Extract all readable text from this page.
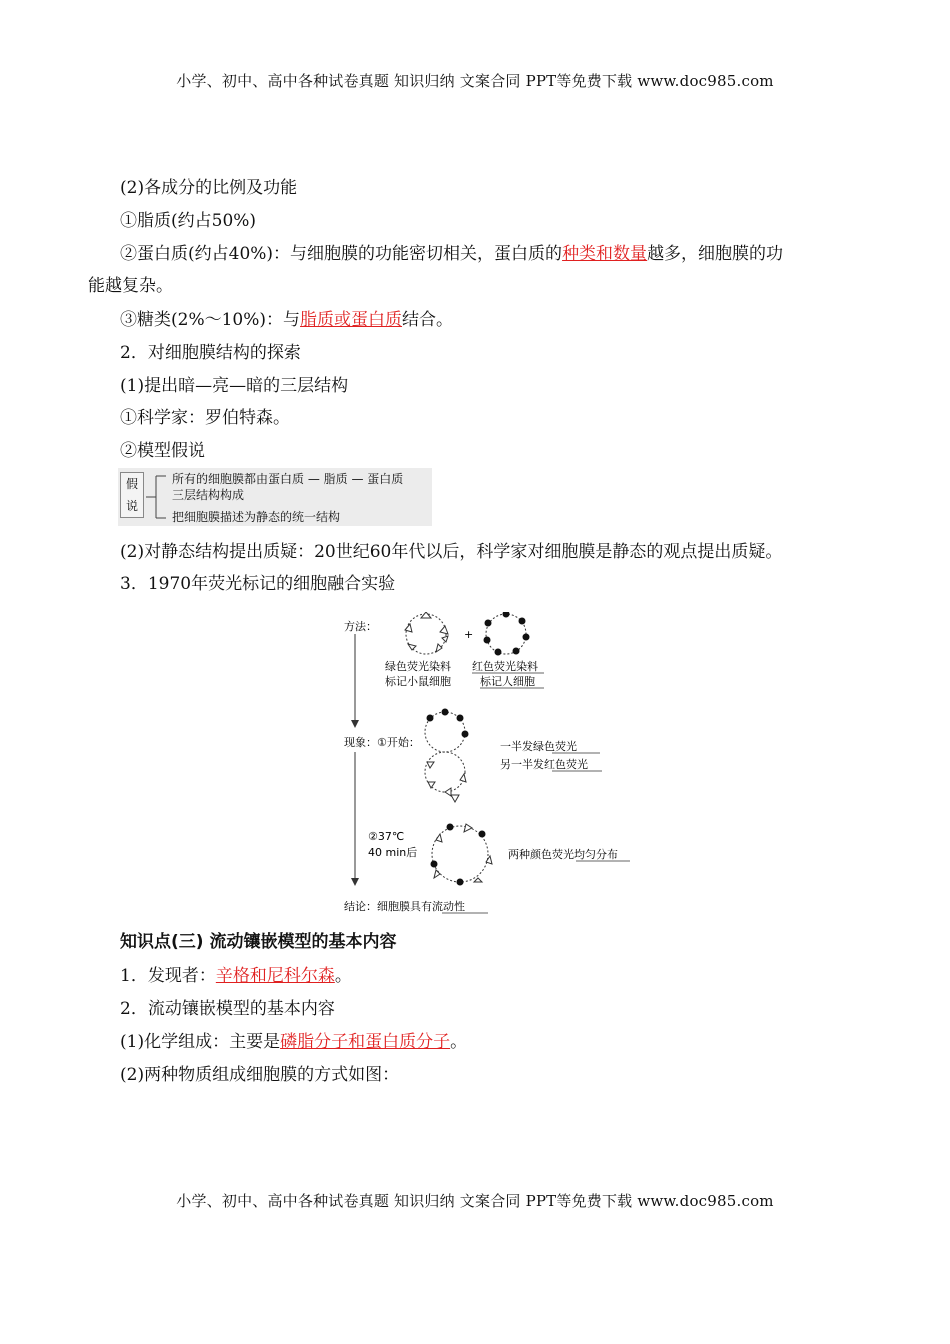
小学、初中、高中各种试卷真题 知识归纳 文案合同 PPT等免费下载 www.doc985.com
(2)各成分的比例及功能
①脂质(约占50%)
②蛋白质(约占40%)：与细胞膜的功能密切相关，蛋白质的种类和数量越多，细胞膜的功
能越复杂。
③糖类(2%～10%)：与脂质或蛋白质结合。
2．对细胞膜结构的探索
(1)提出暗—亮—暗的三层结构
①科学家：罗伯特森。
②模型假说
假说
所有的细胞膜都由蛋白质 — 脂质 — 蛋白质
三层结构构成
把细胞膜描述为静态的统一结构
(2)对静态结构提出质疑：20世纪60年代以后，科学家对细胞膜是静态的观点提出质疑。
3．1970年荧光标记的细胞融合实验
方法：
+
绿色荧光染料
标记小鼠细胞
红色荧光染料
标记人细胞
现象：①开始：	一半发绿色荧光
另一半发红色荧光
②37℃
40 min后	两种颜色荧光均匀分布
结论：细胞膜具有流动性
知识点(三) 流动镶嵌模型的基本内容
1．发现者：辛格和尼科尔森。
2．流动镶嵌模型的基本内容
(1)化学组成：主要是磷脂分子和蛋白质分子。
(2)两种物质组成细胞膜的方式如图：
小学、初中、高中各种试卷真题 知识归纳 文案合同 PPT等免费下载 www.doc985.com
